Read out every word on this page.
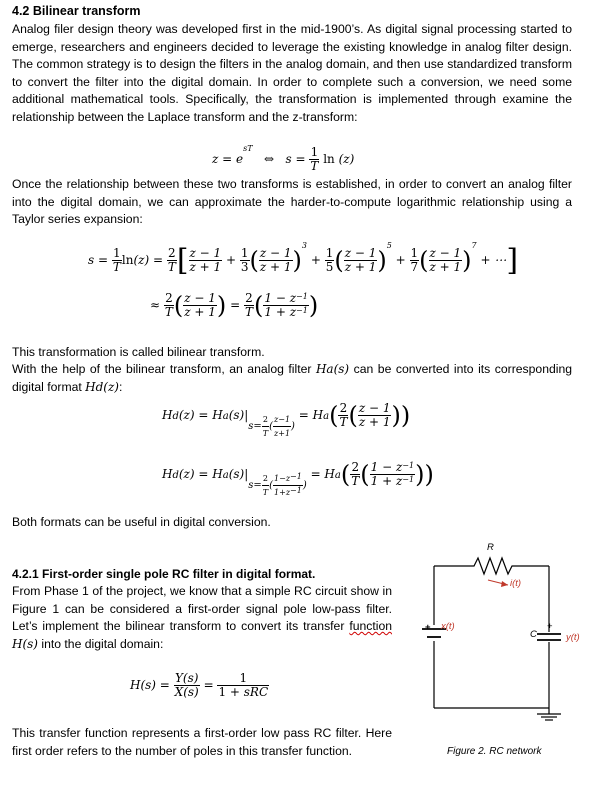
4.2 Bilinear transform
Analog filer design theory was developed first in the mid-1900’s. As digital signal processing started to emerge, researchers and engineers decided to leverage the existing knowledge in analog filter design. The common strategy is to design the filters in the analog domain, and then use standardized transform to convert the filter into the digital domain. In order to complete such a conversion, we need some additional mathematical tools. Specifically, the transformation is implemented through examine the relationship between the Laplace transform and the z-transform:
$z = e^{sT}$   ⇔   $s = \frac{1}{T}$ ln (z)
Once the relationship between these two transforms is established, in order to convert an analog filter into the digital domain, we can approximate the harder-to-compute logarithmic relationship using a Taylor series expansion:
$s = \frac{1}{T} \ln(z) = \frac{2}{T}$ [ $\frac{z - 1}{z + 1} + \frac{1}{3}$ ( $\frac{z - 1}{z + 1} )^3 + \frac{1}{5}$ ( $\frac{z - 1}{z + 1} )^5 + \frac{1}{7}$ ( $\frac{z - 1}{z + 1} )^7$ + ⋯]
≈ $\frac{2}{T}$ ( $\frac{z - 1}{z + 1}$ ) = $\frac{2}{T}$ ( $\frac{1 - z^{-1}}{1 + z^{-1}}$ )
This transformation is called bilinear transform.
With the help of the bilinear transform, an analog filter Ha(s) can be converted into its corresponding digital format Hd(z):
$Hd(z) = Ha(s)|_{s= \frac{2}{T} ( \frac{z-1}{z+1} )} = Ha( \frac{2}{T}$ ( $\frac{z - 1}{z + 1}$ ))
$Hd(z) = Ha(s)|_{s= \frac{2}{T} ( \frac{1-z^{-1}}{1+z^{-1}} )} = Ha( \frac{2}{T}$ ( $\frac{1 - z^{-1}}{1 + z^{-1}}$ ))
Both formats can be useful in digital conversion.
4.2.1 First-order single pole RC filter in digital format.
From Phase 1 of the project, we know that a simple RC circuit show in Figure 1 can be considered a first-order signal pole low-pass filter. Let’s implement the bilinear transform to convert its transfer function H(s) into the digital domain:
$H(s) = \frac{Y(s)}{X(s)} = \frac{1}{\text{1 + sRC}}$
This transfer function represents a first-order low pass RC filter. Here first order refers to the number of poles in this transfer function.
R
i(t)
+ x(t)
C
+
y(t)
Figure 2. RC network
